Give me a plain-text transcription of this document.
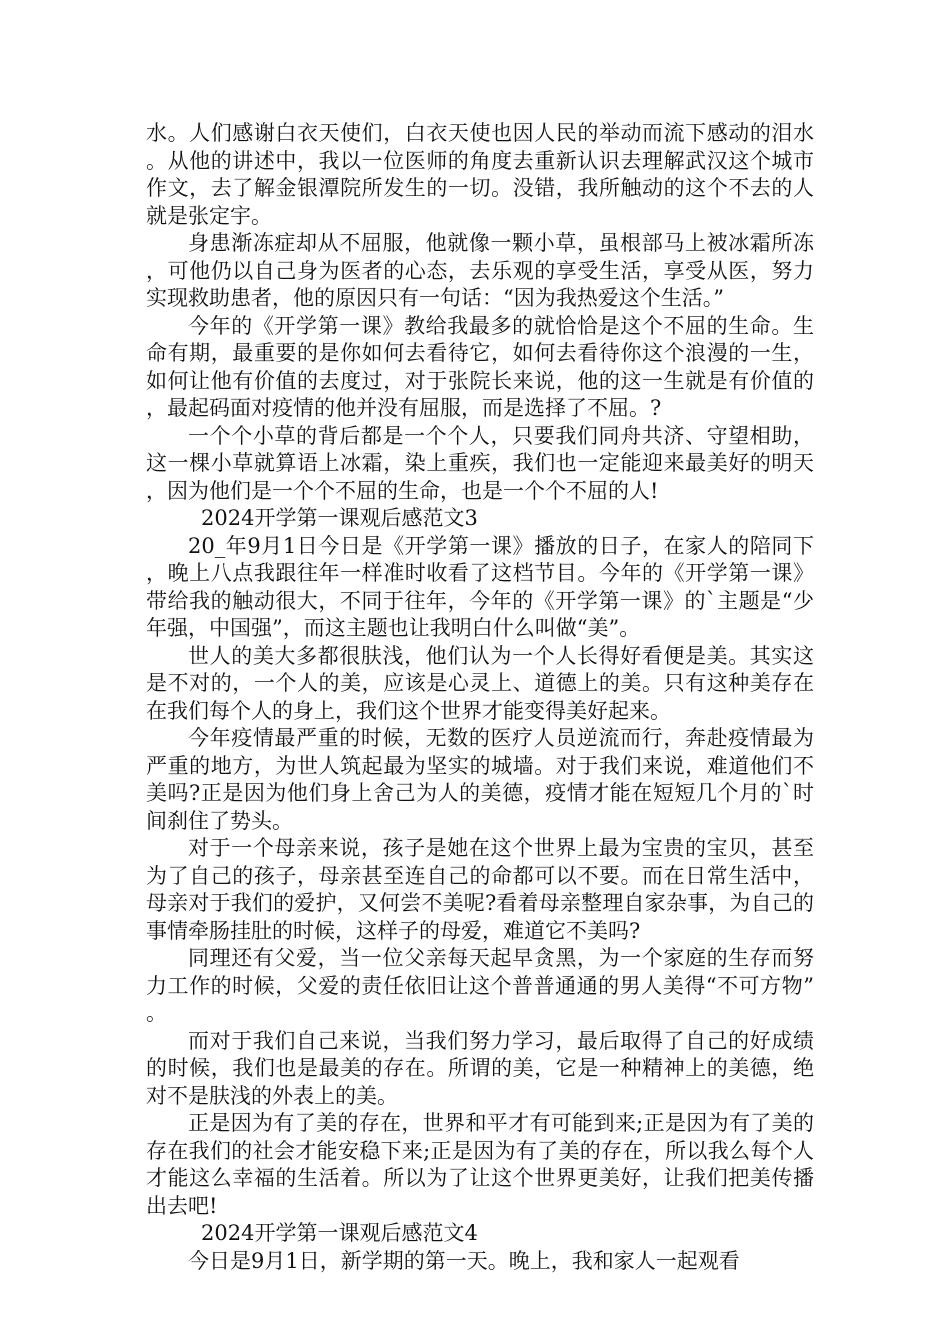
水。人们感谢白衣天使们，白衣天使也因人民的举动而流下感动的泪水。从他的讲述中，我以一位医师的角度去重新认识去理解武汉这个城市作文，去了解金银潭院所发生的一切。没错，我所触动的这个不去的人就是张定宇。

身患渐冻症却从不屈服，他就像一颗小草，虽根部马上被冰霜所冻，可他仍以自己身为医者的心态，去乐观的享受生活，享受从医，努力实现救助患者，他的原因只有一句话：“因为我热爱这个生活。”

今年的《开学第一课》教给我最多的就恰恰是这个不屈的生命。生命有期，最重要的是你如何去看待它，如何去看待你这个浪漫的一生，如何让他有价值的去度过，对于张院长来说，他的这一生就是有价值的，最起码面对疫情的他并没有屈服，而是选择了不屈。?

一个个小草的背后都是一个个人，只要我们同舟共济、守望相助，这一棵小草就算语上冰霜，染上重疾，我们也一定能迎来最美好的明天，因为他们是一个个不屈的生命，也是一个个不屈的人!

2024开学第一课观后感范文3

20_年9月1日今日是《开学第一课》播放的日子，在家人的陪同下，晚上八点我跟往年一样准时收看了这档节目。今年的《开学第一课》带给我的触动很大，不同于往年，今年的《开学第一课》的`主题是“少年强，中国强”，而这主题也让我明白什么叫做“美”。

世人的美大多都很肤浅，他们认为一个人长得好看便是美。其实这是不对的，一个人的美，应该是心灵上、道德上的美。只有这种美存在在我们每个人的身上，我们这个世界才能变得美好起来。

今年疫情最严重的时候，无数的医疗人员逆流而行，奔赴疫情最为严重的地方，为世人筑起最为坚实的城墙。对于我们来说，难道他们不美吗?正是因为他们身上舍己为人的美德，疫情才能在短短几个月的`时间刹住了势头。

对于一个母亲来说，孩子是她在这个世界上最为宝贵的宝贝，甚至为了自己的孩子，母亲甚至连自己的命都可以不要。而在日常生活中，母亲对于我们的爱护，又何尝不美呢?看着母亲整理自家杂事，为自己的事情牵肠挂肚的时候，这样子的母爱，难道它不美吗?

同理还有父爱，当一位父亲每天起早贪黑，为一个家庭的生存而努力工作的时候，父爱的责任依旧让这个普普通通的男人美得“不可方物”。

而对于我们自己来说，当我们努力学习，最后取得了自己的好成绩的时候，我们也是最美的存在。所谓的美，它是一种精神上的美德，绝对不是肤浅的外表上的美。

正是因为有了美的存在，世界和平才有可能到来;正是因为有了美的存在我们的社会才能安稳下来;正是因为有了美的存在，所以我么每个人才能这么幸福的生活着。所以为了让这个世界更美好，让我们把美传播出去吧!

2024开学第一课观后感范文4

今日是9月1日，新学期的第一天。晚上，我和家人一起观看
